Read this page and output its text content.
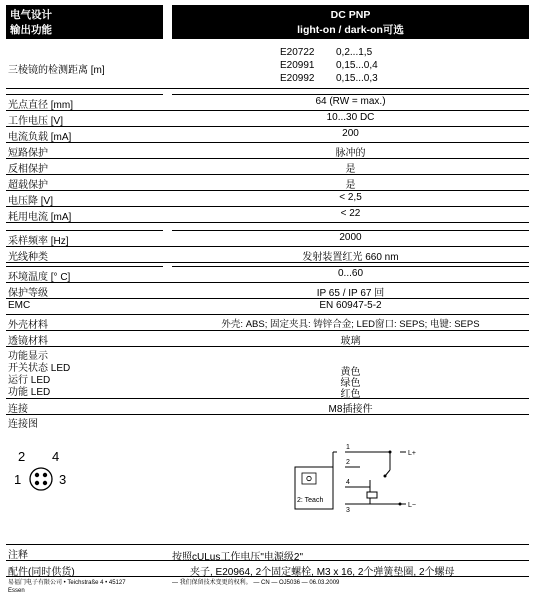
电气设计
输出功能
DC PNP
light-on / dark-on可选
三棱镜的检测距离 [m]
E20722 0,2...1,5
E20991 0,15...0,4
E20992 0,15...0,3
光点直径 [mm]	64 (RW = max.)
工作电压 [V]	10...30 DC
电流负载 [mA]	200
短路保护	脉冲的
反相保护	是
超载保护	是
电压降 [V]	< 2,5
耗用电流 [mA]	< 22
采样频率 [Hz]	2000
光线种类	发射装置红光 660 nm
环境温度 [° C]	0...60
保护等级	IP 65 / IP 67 回
EMC	EN 60947-5-2
外壳材料	外壳: ABS; 固定夹具: 铸锌合金; LED窗口: SEPS; 电键: SEPS
透镜材料	玻璃
功能显示
开关状态 LED	黄色
运行 LED	绿色
功能 LED	红色
连接	M8插接件
连接图
2 4
1	3
2: Teach
1
2
4
3
L+
L−
注释	按照cULus工作电压"电源级2"
配件(同时供货)	夹子, E20964, 2个固定螺栓, M3 x 16, 2个弹簧垫圈, 2个螺母
易福门电子有限公司 • Teichstraße 4 • 45127
Essen
— 我们保留技术变更的权利。 — CN — OJ5036 — 06.03.2009
